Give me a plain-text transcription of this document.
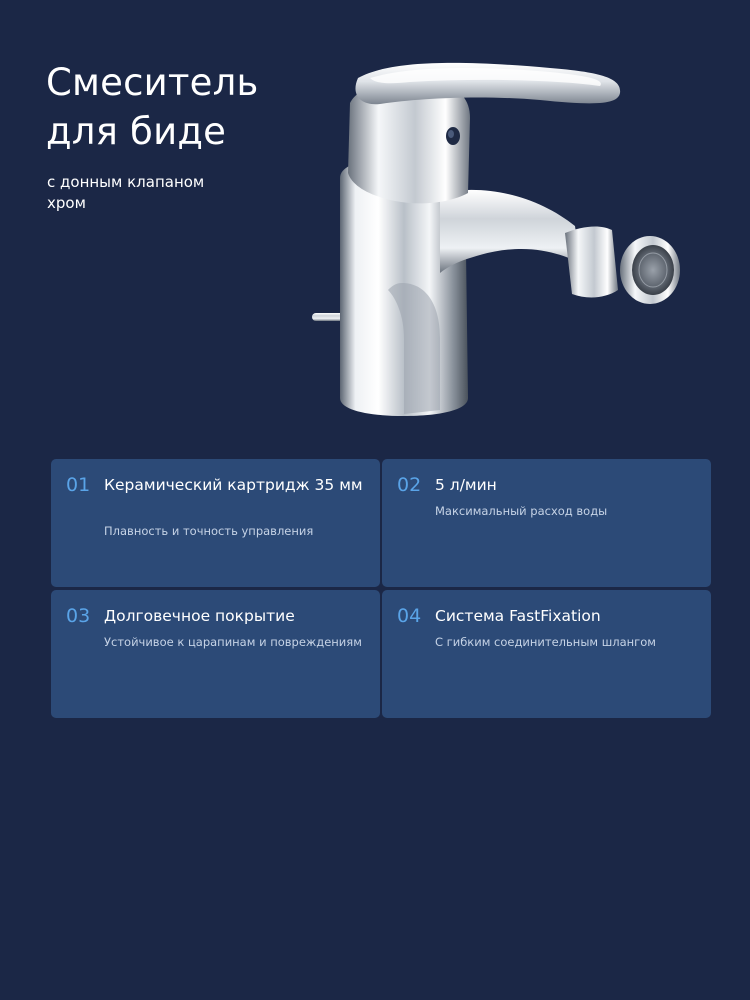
Смеситель
для биде
с донным клапаном
хром
01 Керамический картридж 35 мм
Плавность и точность управления
02 5 л/мин
Максимальный расход воды
03 Долговечное покрытие
Устойчивое к царапинам и повреждениям
04 Система FastFixation
С гибким соединительным шлангом
